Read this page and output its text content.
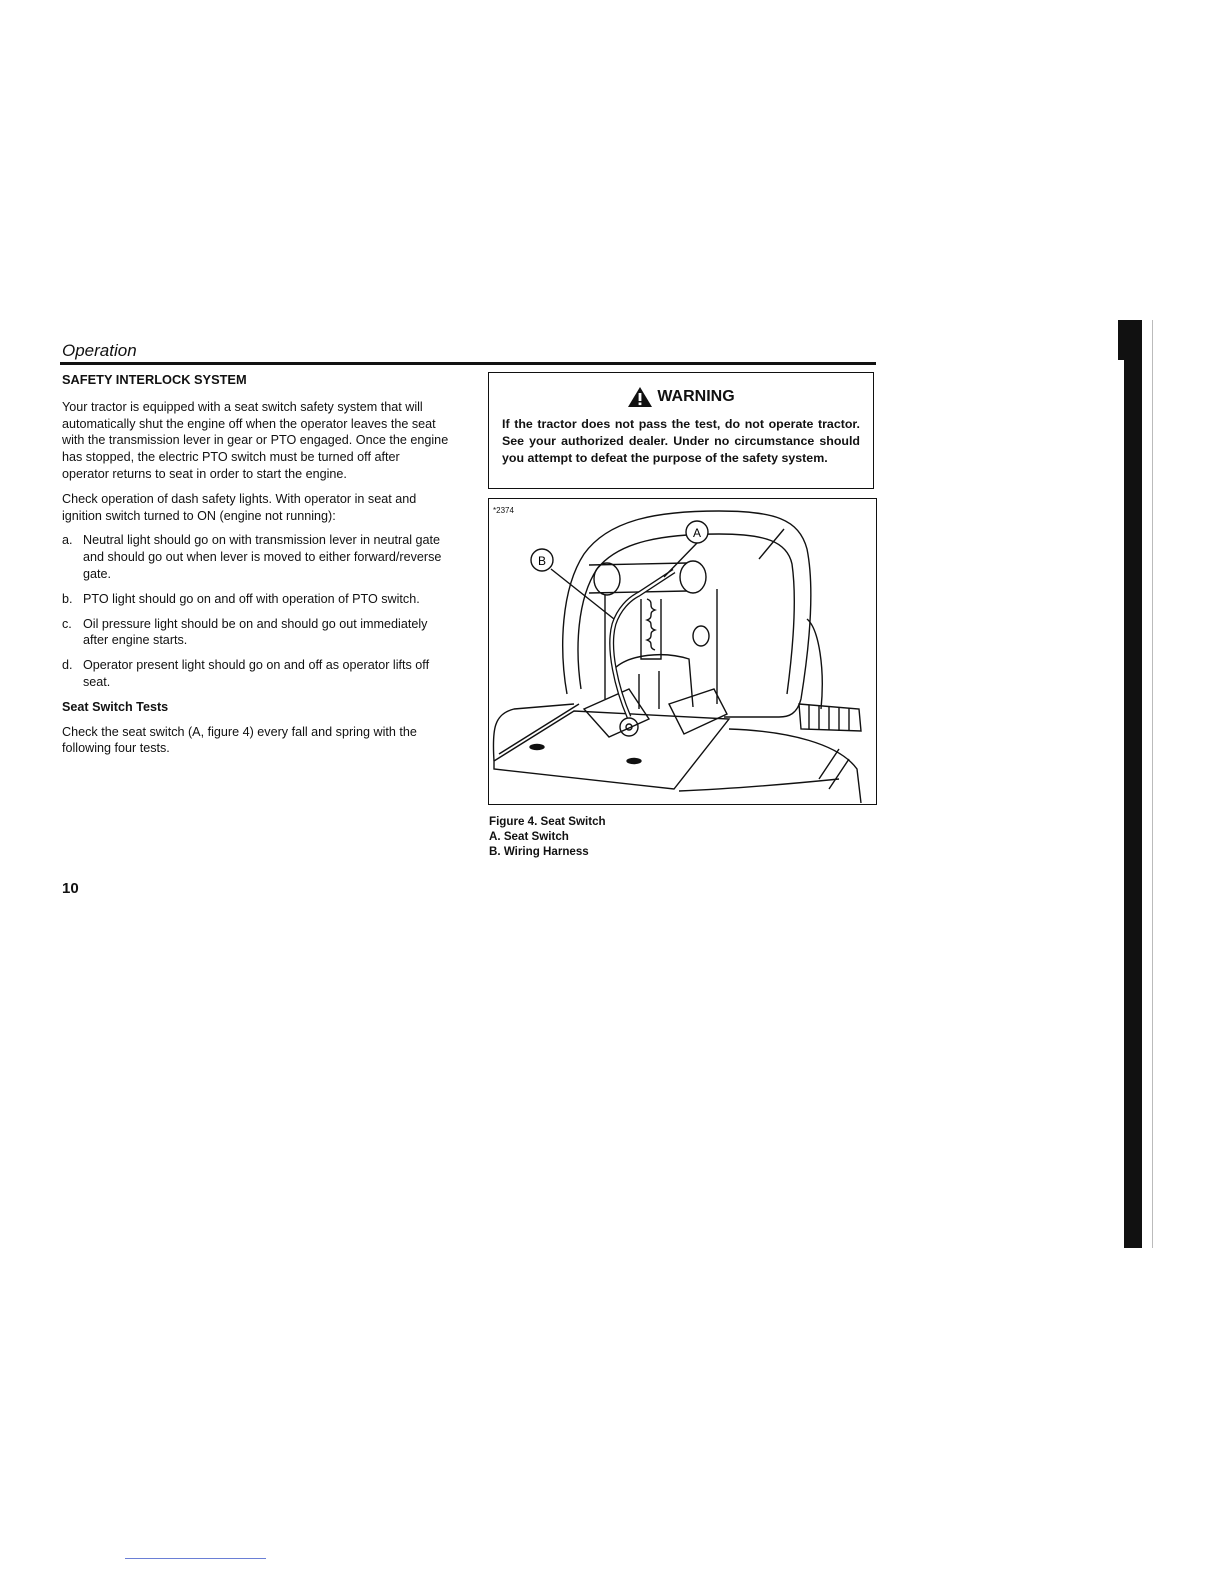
Operation
SAFETY INTERLOCK SYSTEM

Your tractor is equipped with a seat switch safety system that will automatically shut the engine off when the operator leaves the seat with the transmission lever in gear or PTO engaged. Once the engine has stopped, the electric PTO switch must be turned off after operator returns to seat in order to start the engine.

Check operation of dash safety lights. With operator in seat and ignition switch turned to ON (engine not running):

a. Neutral light should go on with transmission lever in neutral gate and should go out when lever is moved to either forward/reverse gate.
b. PTO light should go on and off with operation of PTO switch.
c. Oil pressure light should be on and should go out immediately after engine starts.
d. Operator present light should go on and off as operator lifts off seat.
Seat Switch Tests

Check the seat switch (A, figure 4) every fall and spring with the following four tests.

WARNING
If the tractor does not pass the test, do not operate tractor. See your authorized dealer. Under no circumstance should you attempt to defeat the purpose of the safety system.
*2374
A
B
Figure 4. Seat Switch
A. Seat Switch
B. Wiring Harness
10
